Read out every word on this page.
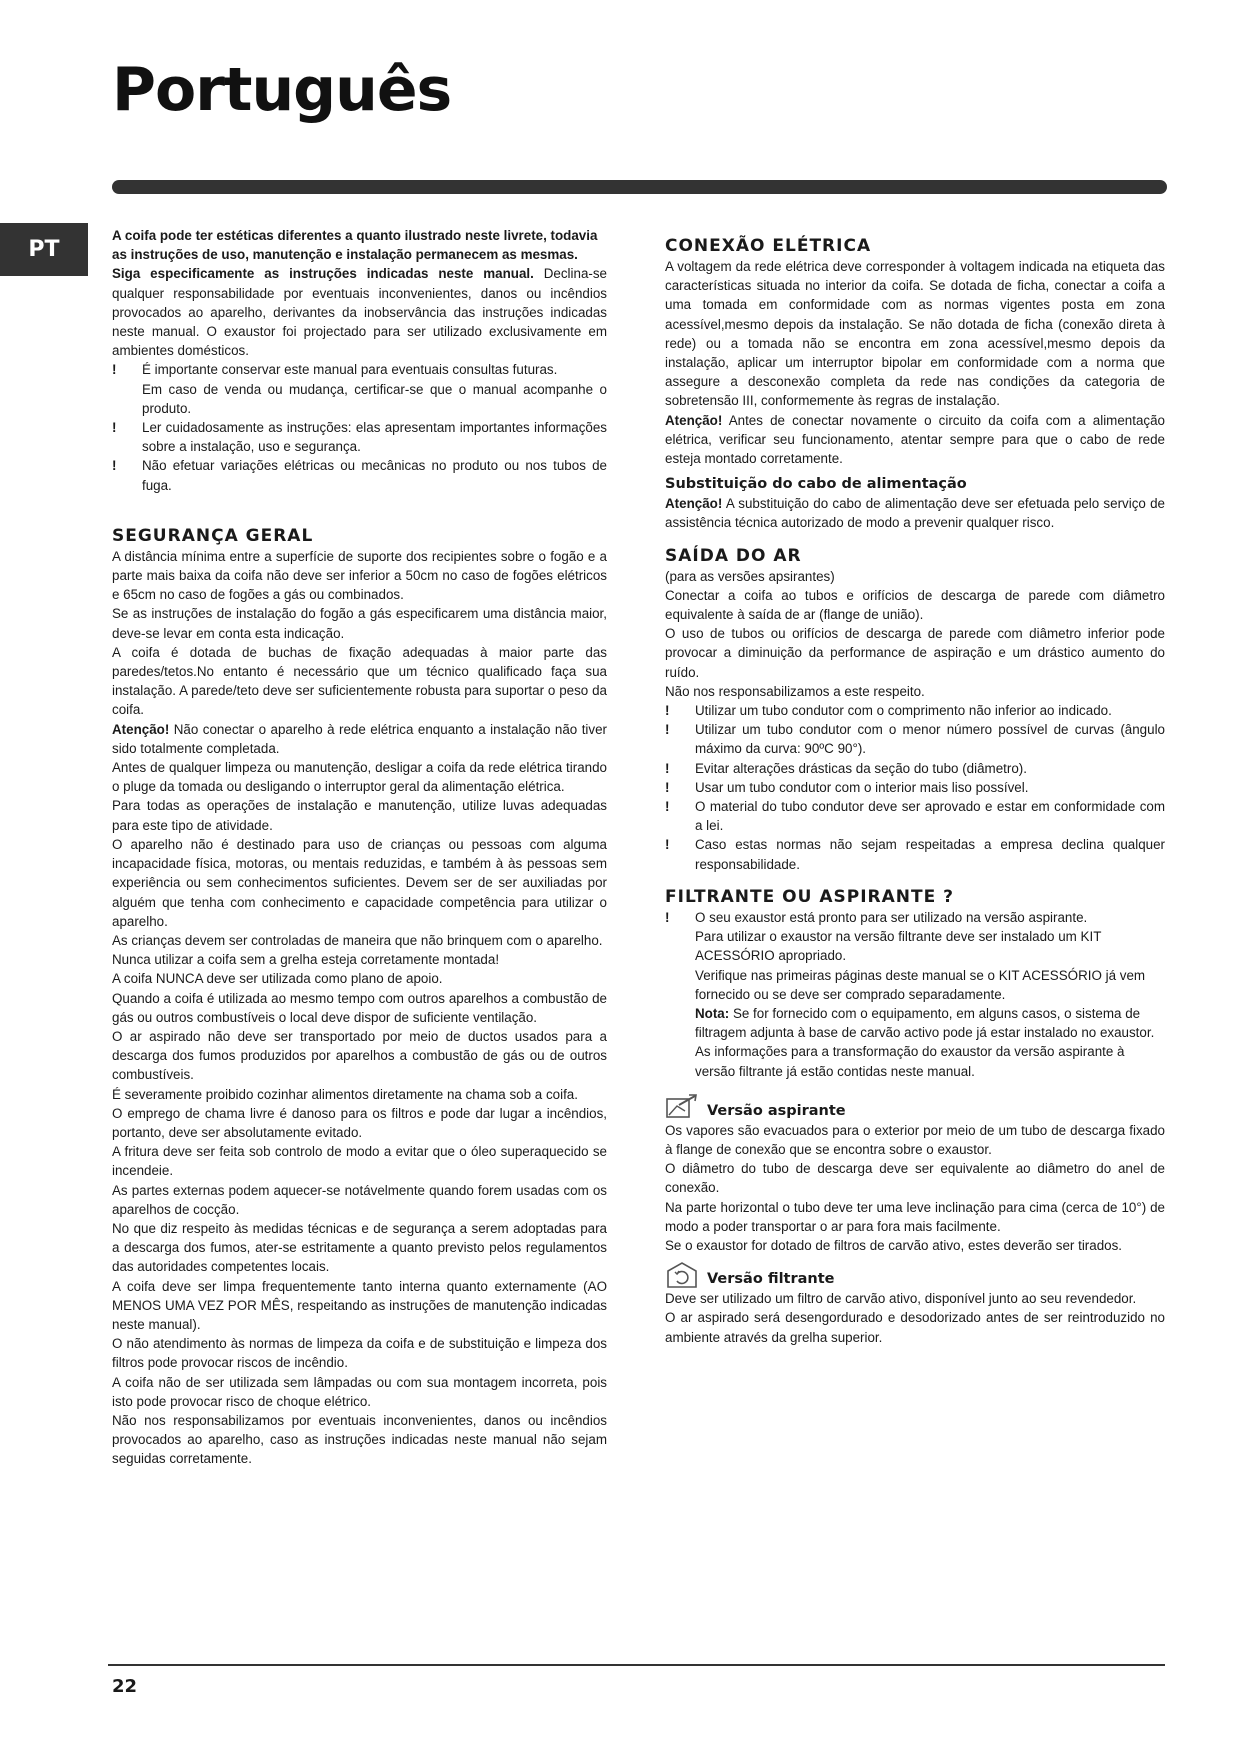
Português
PT

A coifa pode ter estéticas diferentes a quanto ilustrado neste livrete, todavia as instruções de uso, manutenção e instalação permanecem as mesmas.

Siga especificamente as instruções indicadas neste manual. Declina-se qualquer responsabilidade por eventuais inconvenientes, danos ou incêndios provocados ao aparelho, derivantes da inobservância das instruções indicadas neste manual. O exaustor foi projectado para ser utilizado exclusivamente em ambientes domésticos.

!	É importante conservar este manual para eventuais consultas futuras.

Em caso de venda ou mudança, certificar-se que o manual acompanhe o produto.

!	Ler cuidadosamente as instruções: elas apresentam importantes informações sobre a instalação, uso e segurança.

!	Não efetuar variações elétricas ou mecânicas no produto ou nos tubos de fuga.

SEGURANÇA GERAL

A distância mínima entre a superfície de suporte dos recipientes sobre o fogão e a parte mais baixa da coifa não deve ser inferior a 50cm no caso de fogões elétricos e 65cm no caso de fogões a gás ou combinados.

Se as instruções de instalação do fogão a gás especificarem uma distância maior, deve-se levar em conta esta indicação.

A coifa é dotada de buchas de fixação adequadas à maior parte das paredes/tetos.No entanto é necessário que um técnico qualificado faça sua instalação. A parede/teto deve ser suficientemente robusta para suportar o peso da coifa.

Atenção! Não conectar o aparelho à rede elétrica enquanto a instalação não tiver sido totalmente completada.

Antes de qualquer limpeza ou manutenção, desligar a coifa da rede elétrica tirando o pluge da tomada ou desligando o interruptor geral da alimentação elétrica.

Para todas as operações de instalação e manutenção, utilize luvas adequadas para este tipo de atividade.

O aparelho não é destinado para uso de crianças ou pessoas com alguma incapacidade física, motoras, ou mentais reduzidas, e também à às pessoas sem experiência ou sem conhecimentos suficientes. Devem ser de ser auxiliadas por alguém que tenha com conhecimento e capacidade competência para utilizar o aparelho.

As crianças devem ser controladas de maneira que não brinquem com o aparelho.

Nunca utilizar a coifa sem a grelha esteja corretamente montada!

A coifa NUNCA deve ser utilizada como plano de apoio.

Quando a coifa é utilizada ao mesmo tempo com outros aparelhos a combustão de gás ou outros combustíveis o local deve dispor de suficiente ventilação.

O ar aspirado não deve ser transportado por meio de ductos usados para a descarga dos fumos produzidos por aparelhos a combustão de gás ou de outros combustíveis.

É severamente proibido cozinhar alimentos diretamente na chama sob a coifa.

O emprego de chama livre é danoso para os filtros e pode dar lugar a incêndios, portanto, deve ser absolutamente evitado.

A fritura deve ser feita sob controlo de modo a evitar que o óleo superaquecido se incendeie.

As partes externas podem aquecer-se notávelmente quando forem usadas com os aparelhos de cocção.

No que diz respeito às medidas técnicas e de segurança a serem adoptadas para a descarga dos fumos, ater-se estritamente a quanto previsto pelos regulamentos das autoridades competentes locais.

A coifa deve ser limpa frequentemente tanto interna quanto externamente (AO MENOS UMA VEZ POR MÊS, respeitando as instruções de manutenção indicadas neste manual).

O não atendimento às normas de limpeza da coifa e de substituição e limpeza dos filtros pode provocar riscos de incêndio.

A coifa não de ser utilizada sem lâmpadas ou com sua montagem incorreta, pois isto pode provocar risco de choque elétrico.

Não nos responsabilizamos por eventuais inconvenientes, danos ou incêndios provocados ao aparelho, caso as instruções indicadas neste manual não sejam seguidas corretamente.

CONEXÃO ELÉTRICA

A voltagem da rede elétrica deve corresponder à voltagem indicada na etiqueta das características situada no interior da coifa. Se dotada de ficha, conectar a coifa a uma tomada em conformidade com as normas vigentes posta em zona acessível,mesmo depois da instalação. Se não dotada de ficha (conexão direta à rede) ou a tomada não se encontra em zona acessível,mesmo depois da instalação, aplicar um interruptor bipolar em conformidade com a norma que assegure a desconexão completa da rede nas condições da categoria de sobretensão III, conformemente às regras de instalação.

Atenção! Antes de conectar novamente o circuito da coifa com a alimentação elétrica, verificar seu funcionamento, atentar sempre para que o cabo de rede esteja montado corretamente.

Substituição do cabo de alimentação

Atenção! A substituição do cabo de alimentação deve ser efetuada pelo serviço de assistência técnica autorizado de modo a prevenir qualquer risco.

SAÍDA DO AR

(para as versões apsirantes)

Conectar a coifa ao tubos e orifícios de descarga de parede com diâmetro equivalente à saída de ar (flange de união).

O uso de tubos ou orifícios de descarga de parede com diâmetro inferior pode provocar a diminuição da performance de aspiração e um drástico aumento do ruído.

Não nos responsabilizamos a este respeito.

!	Utilizar um tubo condutor com o comprimento não inferior ao indicado.
!	Utilizar um tubo condutor com o menor número possível de curvas (ângulo máximo da curva: 90ºC 90°).
!	Evitar alterações drásticas da seção do tubo (diâmetro).
!	Usar um tubo condutor com o interior mais liso possível.
!	O material do tubo condutor deve ser aprovado e estar em conformidade com a lei.
!	Caso estas normas não sejam respeitadas a empresa declina qualquer responsabilidade.
FILTRANTE OU ASPIRANTE ?
!	O seu exaustor está pronto para ser utilizado na versão aspirante.

Para utilizar o exaustor na versão filtrante deve ser instalado um KIT ACESSÓRIO apropriado.

Verifique nas primeiras páginas deste manual se o KIT ACESSÓRIO já vem fornecido ou se deve ser comprado separadamente.

Nota: Se for fornecido com o equipamento, em alguns casos, o sistema de filtragem adjunta à base de carvão activo pode já estar instalado no exaustor.

As informações para a transformação do exaustor da versão aspirante à versão filtrante já estão contidas neste manual.

Versão aspirante

Os vapores são evacuados para o exterior por meio de um tubo de descarga fixado à flange de conexão que se encontra sobre o exaustor.

O diâmetro do tubo de descarga deve ser equivalente ao diâmetro do anel de conexão.

Na parte horizontal o tubo deve ter uma leve inclinação para cima (cerca de 10°) de modo a poder transportar o ar para fora mais facilmente.

Se o exaustor for dotado de filtros de carvão ativo, estes deverão ser tirados.

Versão filtrante

Deve ser utilizado um filtro de carvão ativo, disponível junto ao seu revendedor.

O ar aspirado será desengordurado e desodorizado antes de ser reintroduzido no ambiente através da grelha superior.

22
